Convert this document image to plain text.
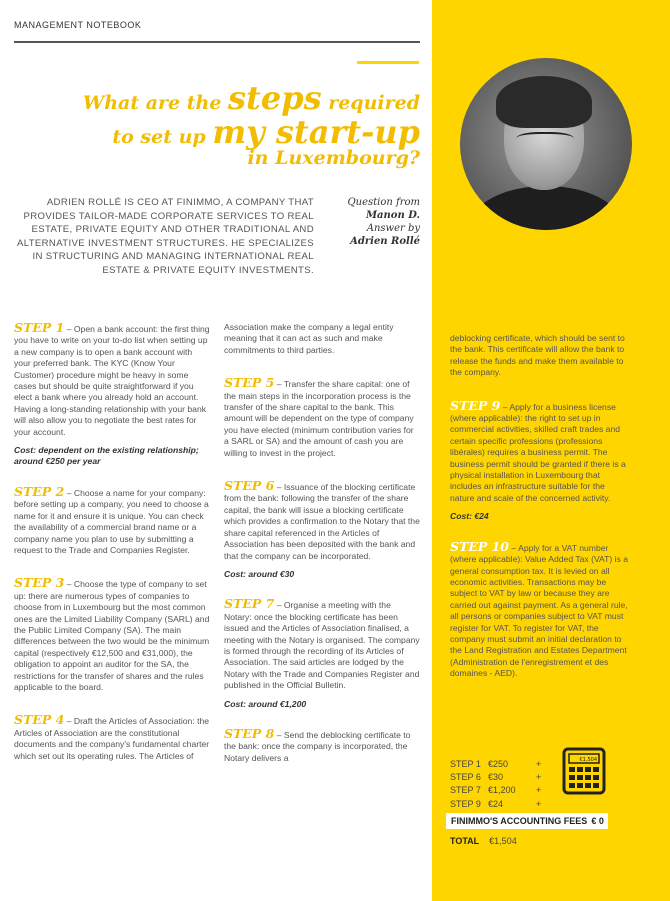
MANAGEMENT NOTEBOOK
What are the steps required
to set up my start-up
in Luxembourg?
ADRIEN ROLLÉ IS CEO AT FINIMMO, A COMPANY THAT PROVIDES TAILOR-MADE CORPORATE SERVICES TO REAL ESTATE, PRIVATE EQUITY AND OTHER TRADITIONAL AND ALTERNATIVE INVESTMENT STRUCTURES. HE SPECIALIZES IN STRUCTURING AND MANAGING INTERNATIONAL REAL ESTATE & PRIVATE EQUITY INVESTMENTS.
Question from
Manon D.
Answer by
Adrien Rollé

STEP 1 – Open a bank account: the first thing you have to write on your to-do list when setting up a new company is to open a bank account with your preferred bank. The KYC (Know Your Customer) procedure might be heavy in some cases but should be quite straightforward if you elect a bank where you already hold an account. Having a long-standing relationship with your bank will also allow you to negotiate the best rates for your account.

Cost: dependent on the existing relationship; around €250 per year

STEP 2 – Choose a name for your company: before setting up a company, you need to choose a name for it and ensure it is unique. You can check the availability of a commercial brand name or a company name you plan to use by submitting a request to the Trade and Companies Register.

STEP 3 – Choose the type of company to set up: there are numerous types of companies to choose from in Luxembourg but the most common ones are the Limited Liability Company (SARL) and the Public Limited Company (SA). The main differences between the two would be the minimum capital (respectively €12,500 and €31,000), the obligation to appoint an auditor for the SA, the restrictions for the transfer of shares and the rules applicable to the board.

STEP 4 – Draft the Articles of Association: the Articles of Association are the constitutional documents and the company's fundamental charter which set out its operating rules. The Articles of

Association make the company a legal entity meaning that it can act as such and make commitments to third parties.

STEP 5 – Transfer the share capital: one of the main steps in the incorporation process is the transfer of the share capital to the bank. This amount will be dependent on the type of company you have elected (minimum contribution varies for a SARL or SA) and the amount of cash you are willing to invest in the project.

STEP 6 – Issuance of the blocking certificate from the bank: following the transfer of the share capital, the bank will issue a blocking certificate which provides a confirmation to the Notary that the share capital referenced in the Articles of Association has been deposited with the bank and that the company can be incorporated.

Cost: around €30

STEP 7 – Organise a meeting with the Notary: once the blocking certificate has been issued and the Articles of Association finalised, a meeting with the Notary is organised. The company is formed through the recording of its Articles of Association. The said articles are lodged by the Notary with the Trade and Companies Register and published in the Official Bulletin.

Cost: around €1,200

STEP 8 – Send the deblocking certificate to the bank: once the company is incorporated, the Notary delivers a

deblocking certificate, which should be sent to the bank. This certificate will allow the bank to release the funds and make them available to the company.

STEP 9 – Apply for a business license (where applicable): the right to set up in commercial activities, skilled craft trades and certain specific professions (professions libérales) requires a business permit. The business permit should be granted if there is a physical installation in Luxembourg that includes an infrastructure suitable for the nature and scale of the concerned activity.

Cost: €24

STEP 10 – Apply for a VAT number (where applicable): Value Added Tax (VAT) is a general consumption tax. It is levied on all economic activities. Transactions may be subject to VAT by law or because they are carried out against payment. As a general rule, all persons or companies subject to VAT must register for VAT. To register for VAT, the company must submit an initial declaration to the Land Registration and Estates Department (Administration de l'enregistrement et des domaines - AED).

STEP 1 €250	+
STEP 6 €30	+
STEP 7 €1,200	+
STEP 9 €24	+
€1,504
FINIMMO'S ACCOUNTING FEES € 0
TOTAL €1,504
